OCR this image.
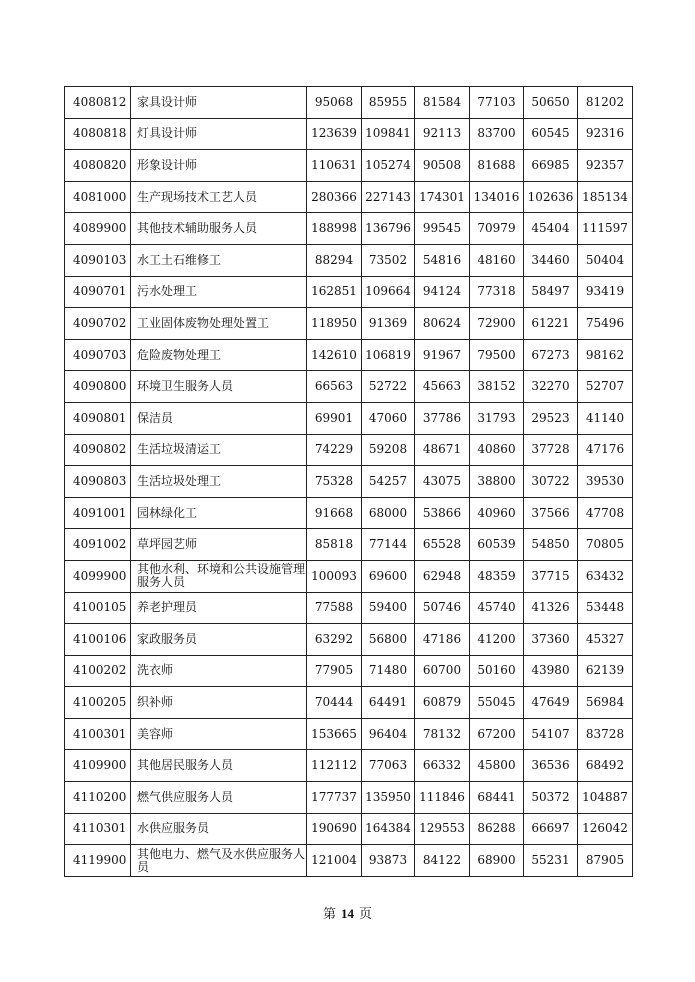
4080812	家具设计师	95068	85955	81584	77103	50650	81202
4080818	灯具设计师	123639	109841	92113	83700	60545	92316
4080820	形象设计师	110631	105274	90508	81688	66985	92357
4081000	生产现场技术工艺人员	280366	227143	174301	134016	102636	185134
4089900	其他技术辅助服务人员	188998	136796	99545	70979	45404	111597
4090103	水工土石维修工	88294	73502	54816	48160	34460	50404
4090701	污水处理工	162851	109664	94124	77318	58497	93419
4090702	工业固体废物处理处置工	118950	91369	80624	72900	61221	75496
4090703	危险废物处理工	142610	106819	91967	79500	67273	98162
4090800	环境卫生服务人员	66563	52722	45663	38152	32270	52707
4090801	保洁员	69901	47060	37786	31793	29523	41140
4090802	生活垃圾清运工	74229	59208	48671	40860	37728	47176
4090803	生活垃圾处理工	75328	54257	43075	38800	30722	39530
4091001	园林绿化工	91668	68000	53866	40960	37566	47708
4091002	草坪园艺师	85818	77144	65528	60539	54850	70805
4099900	其他水利、环境和公共设施管理服务人员	100093	69600	62948	48359	37715	63432
4100105	养老护理员	77588	59400	50746	45740	41326	53448
4100106	家政服务员	63292	56800	47186	41200	37360	45327
4100202	洗衣师	77905	71480	60700	50160	43980	62139
4100205	织补师	70444	64491	60879	55045	47649	56984
4100301	美容师	153665	96404	78132	67200	54107	83728
4109900	其他居民服务人员	112112	77063	66332	45800	36536	68492
4110200	燃气供应服务人员	177737	135950	111846	68441	50372	104887
4110301	水供应服务员	190690	164384	129553	86288	66697	126042
4119900	其他电力、燃气及水供应服务人员	121004	93873	84122	68900	55231	87905
第 14 页
